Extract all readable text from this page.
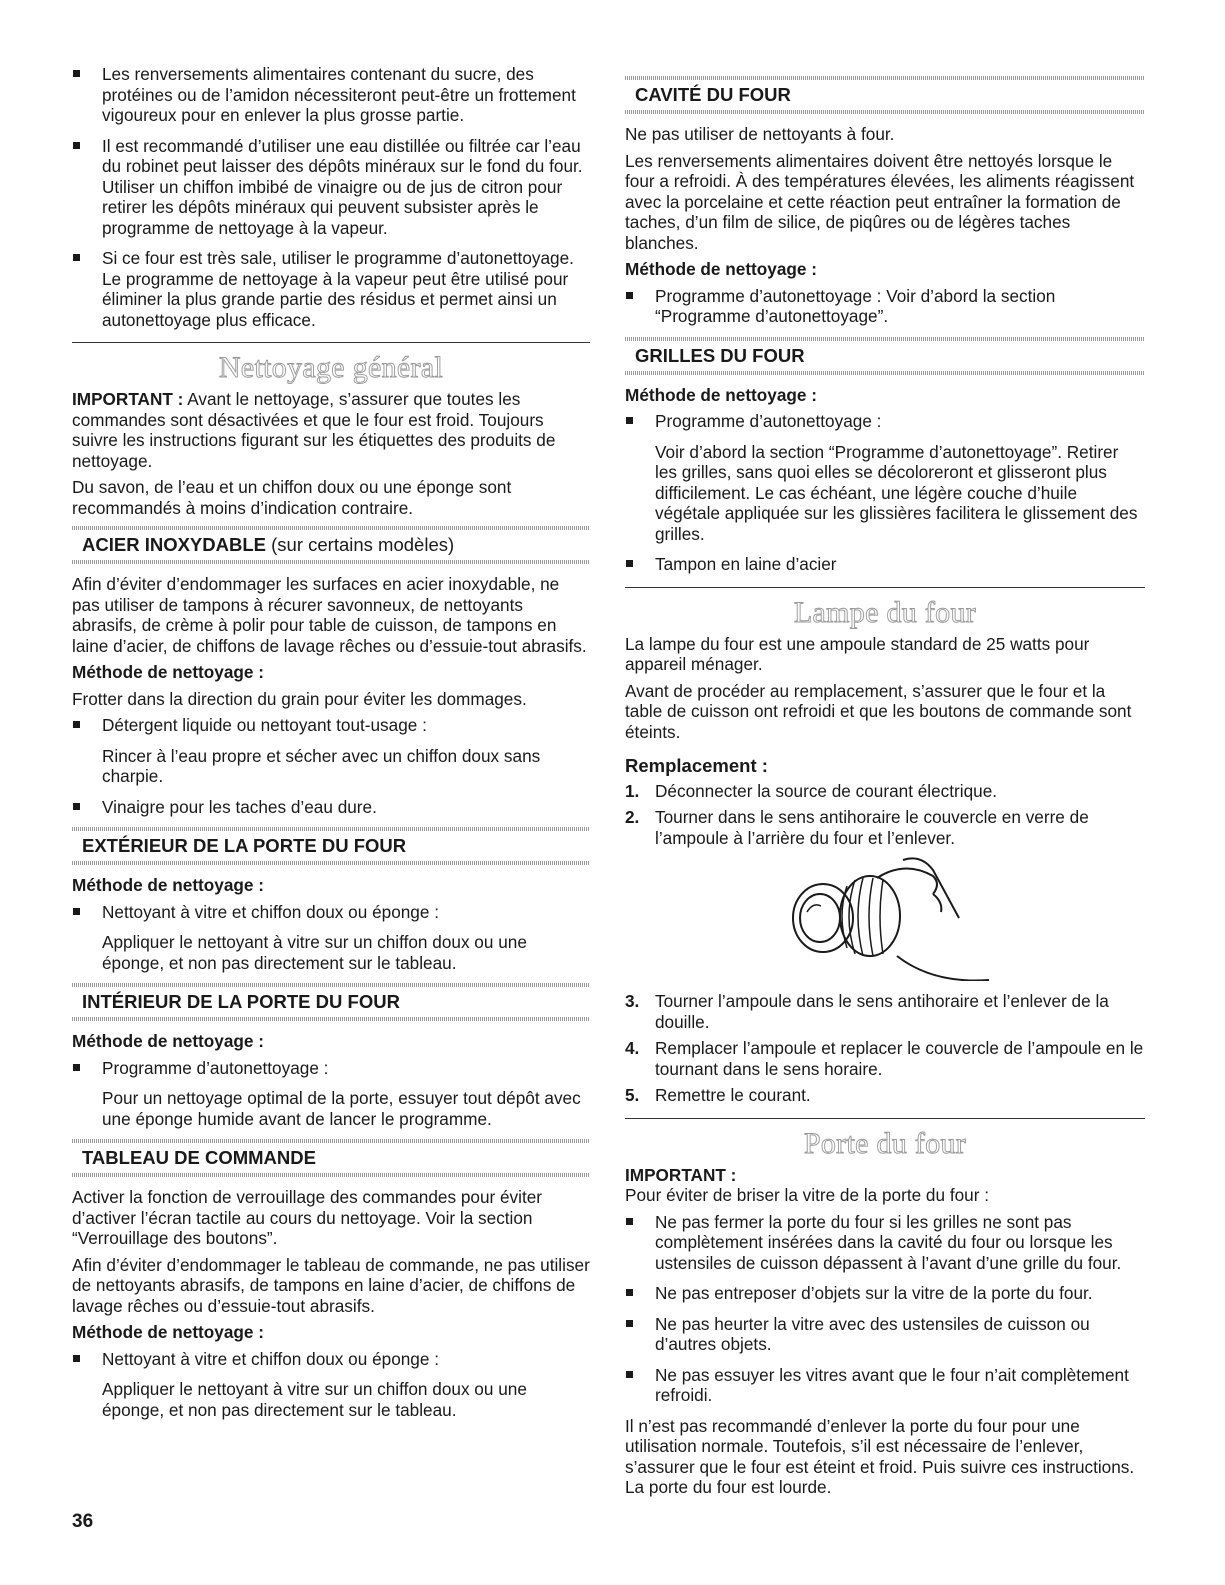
Les renversements alimentaires contenant du sucre, des protéines ou de l’amidon nécessiteront peut-être un frottement vigoureux pour en enlever la plus grosse partie.
Il est recommandé d’utiliser une eau distillée ou filtrée car l’eau du robinet peut laisser des dépôts minéraux sur le fond du four. Utiliser un chiffon imbibé de vinaigre ou de jus de citron pour retirer les dépôts minéraux qui peuvent subsister après le programme de nettoyage à la vapeur.
Si ce four est très sale, utiliser le programme d’autonettoyage. Le programme de nettoyage à la vapeur peut être utilisé pour éliminer la plus grande partie des résidus et permet ainsi un autonettoyage plus efficace.
Nettoyage général

IMPORTANT : Avant le nettoyage, s’assurer que toutes les commandes sont désactivées et que le four est froid. Toujours suivre les instructions figurant sur les étiquettes des produits de nettoyage.

Du savon, de l’eau et un chiffon doux ou une éponge sont recommandés à moins d’indication contraire.

ACIER INOXYDABLE (sur certains modèles)

Afin d’éviter d’endommager les surfaces en acier inoxydable, ne pas utiliser de tampons à récurer savonneux, de nettoyants abrasifs, de crème à polir pour table de cuisson, de tampons en laine d’acier, de chiffons de lavage rêches ou d’essuie-tout abrasifs.

Méthode de nettoyage :

Frotter dans la direction du grain pour éviter les dommages.

Détergent liquide ou nettoyant tout-usage :
Rincer à l’eau propre et sécher avec un chiffon doux sans charpie.
Vinaigre pour les taches d’eau dure.
EXTÉRIEUR DE LA PORTE DU FOUR
Méthode de nettoyage :
Nettoyant à vitre et chiffon doux ou éponge :
Appliquer le nettoyant à vitre sur un chiffon doux ou une éponge, et non pas directement sur le tableau.
INTÉRIEUR DE LA PORTE DU FOUR
Méthode de nettoyage :
Programme d’autonettoyage :
Pour un nettoyage optimal de la porte, essuyer tout dépôt avec une éponge humide avant de lancer le programme.
TABLEAU DE COMMANDE

Activer la fonction de verrouillage des commandes pour éviter d’activer l’écran tactile au cours du nettoyage. Voir la section “Verrouillage des boutons”.

Afin d’éviter d’endommager le tableau de commande, ne pas utiliser de nettoyants abrasifs, de tampons en laine d’acier, de chiffons de lavage rêches ou d’essuie-tout abrasifs.

Méthode de nettoyage :
Nettoyant à vitre et chiffon doux ou éponge :
Appliquer le nettoyant à vitre sur un chiffon doux ou une éponge, et non pas directement sur le tableau.
CAVITÉ DU FOUR

Ne pas utiliser de nettoyants à four.

Les renversements alimentaires doivent être nettoyés lorsque le four a refroidi. À des températures élevées, les aliments réagissent avec la porcelaine et cette réaction peut entraîner la formation de taches, d’un film de silice, de piqûres ou de légères taches blanches.

Méthode de nettoyage :
Programme d’autonettoyage : Voir d’abord la section “Programme d’autonettoyage”.
GRILLES DU FOUR
Méthode de nettoyage :
Programme d’autonettoyage :
Voir d’abord la section “Programme d’autonettoyage”. Retirer les grilles, sans quoi elles se décoloreront et glisseront plus difficilement. Le cas échéant, une légère couche d’huile végétale appliquée sur les glissières facilitera le glissement des grilles.
Tampon en laine d’acier
Lampe du four

La lampe du four est une ampoule standard de 25 watts pour appareil ménager.

Avant de procéder au remplacement, s’assurer que le four et la table de cuisson ont refroidi et que les boutons de commande sont éteints.

Remplacement :
1. Déconnecter la source de courant électrique.
2. Tourner dans le sens antihoraire le couvercle en verre de l’ampoule à l’arrière du four et l’enlever.
3. Tourner l’ampoule dans le sens antihoraire et l’enlever de la douille.
4. Remplacer l’ampoule et replacer le couvercle de l’ampoule en le tournant dans le sens horaire.
5. Remettre le courant.
Porte du four
IMPORTANT :

Pour éviter de briser la vitre de la porte du four :

Ne pas fermer la porte du four si les grilles ne sont pas complètement insérées dans la cavité du four ou lorsque les ustensiles de cuisson dépassent à l’avant d’une grille du four.
Ne pas entreposer d’objets sur la vitre de la porte du four.
Ne pas heurter la vitre avec des ustensiles de cuisson ou d’autres objets.
Ne pas essuyer les vitres avant que le four n’ait complètement refroidi.

Il n’est pas recommandé d’enlever la porte du four pour une utilisation normale. Toutefois, s’il est nécessaire de l’enlever, s’assurer que le four est éteint et froid. Puis suivre ces instructions. La porte du four est lourde.

36
